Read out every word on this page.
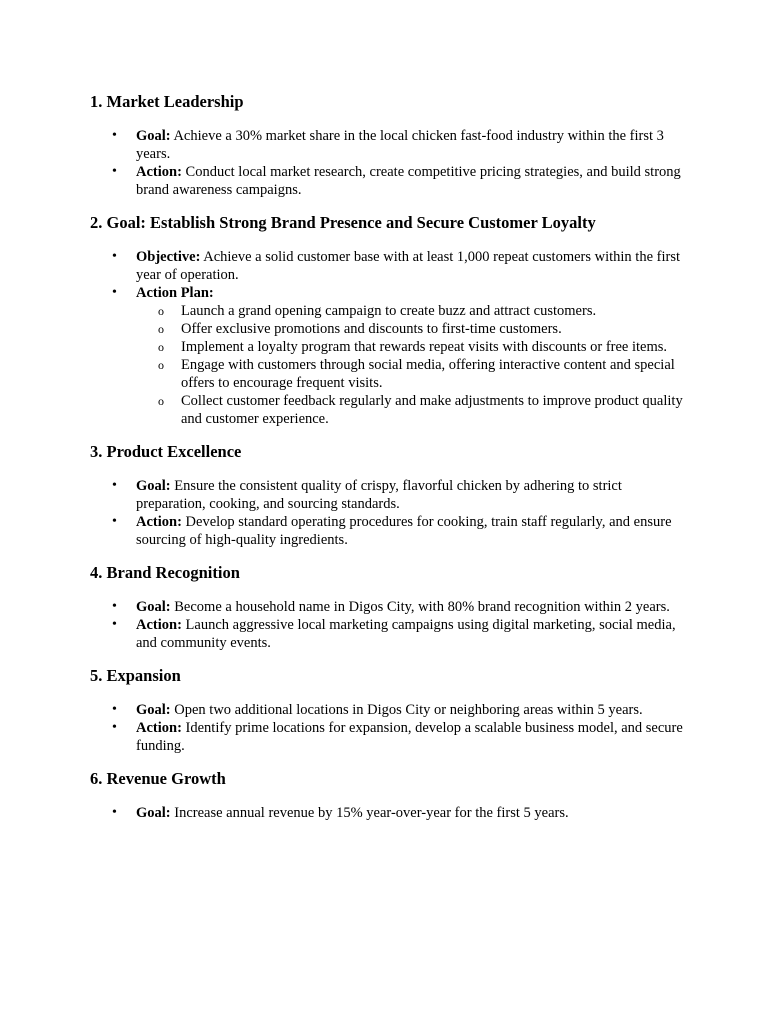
1. Market Leadership
• Goal: Achieve a 30% market share in the local chicken fast-food industry within the first 3 years.
• Action: Conduct local market research, create competitive pricing strategies, and build strong brand awareness campaigns.
2. Goal: Establish Strong Brand Presence and Secure Customer Loyalty
• Objective: Achieve a solid customer base with at least 1,000 repeat customers within the first year of operation.
• Action Plan:
o Launch a grand opening campaign to create buzz and attract customers.
o Offer exclusive promotions and discounts to first-time customers.
o Implement a loyalty program that rewards repeat visits with discounts or free items.
o Engage with customers through social media, offering interactive content and special offers to encourage frequent visits.
o Collect customer feedback regularly and make adjustments to improve product quality and customer experience.
3. Product Excellence
• Goal: Ensure the consistent quality of crispy, flavorful chicken by adhering to strict preparation, cooking, and sourcing standards.
• Action: Develop standard operating procedures for cooking, train staff regularly, and ensure sourcing of high-quality ingredients.
4. Brand Recognition
• Goal: Become a household name in Digos City, with 80% brand recognition within 2 years.
• Action: Launch aggressive local marketing campaigns using digital marketing, social media, and community events.
5. Expansion
• Goal: Open two additional locations in Digos City or neighboring areas within 5 years.
• Action: Identify prime locations for expansion, develop a scalable business model, and secure funding.
6. Revenue Growth
• Goal: Increase annual revenue by 15% year-over-year for the first 5 years.
